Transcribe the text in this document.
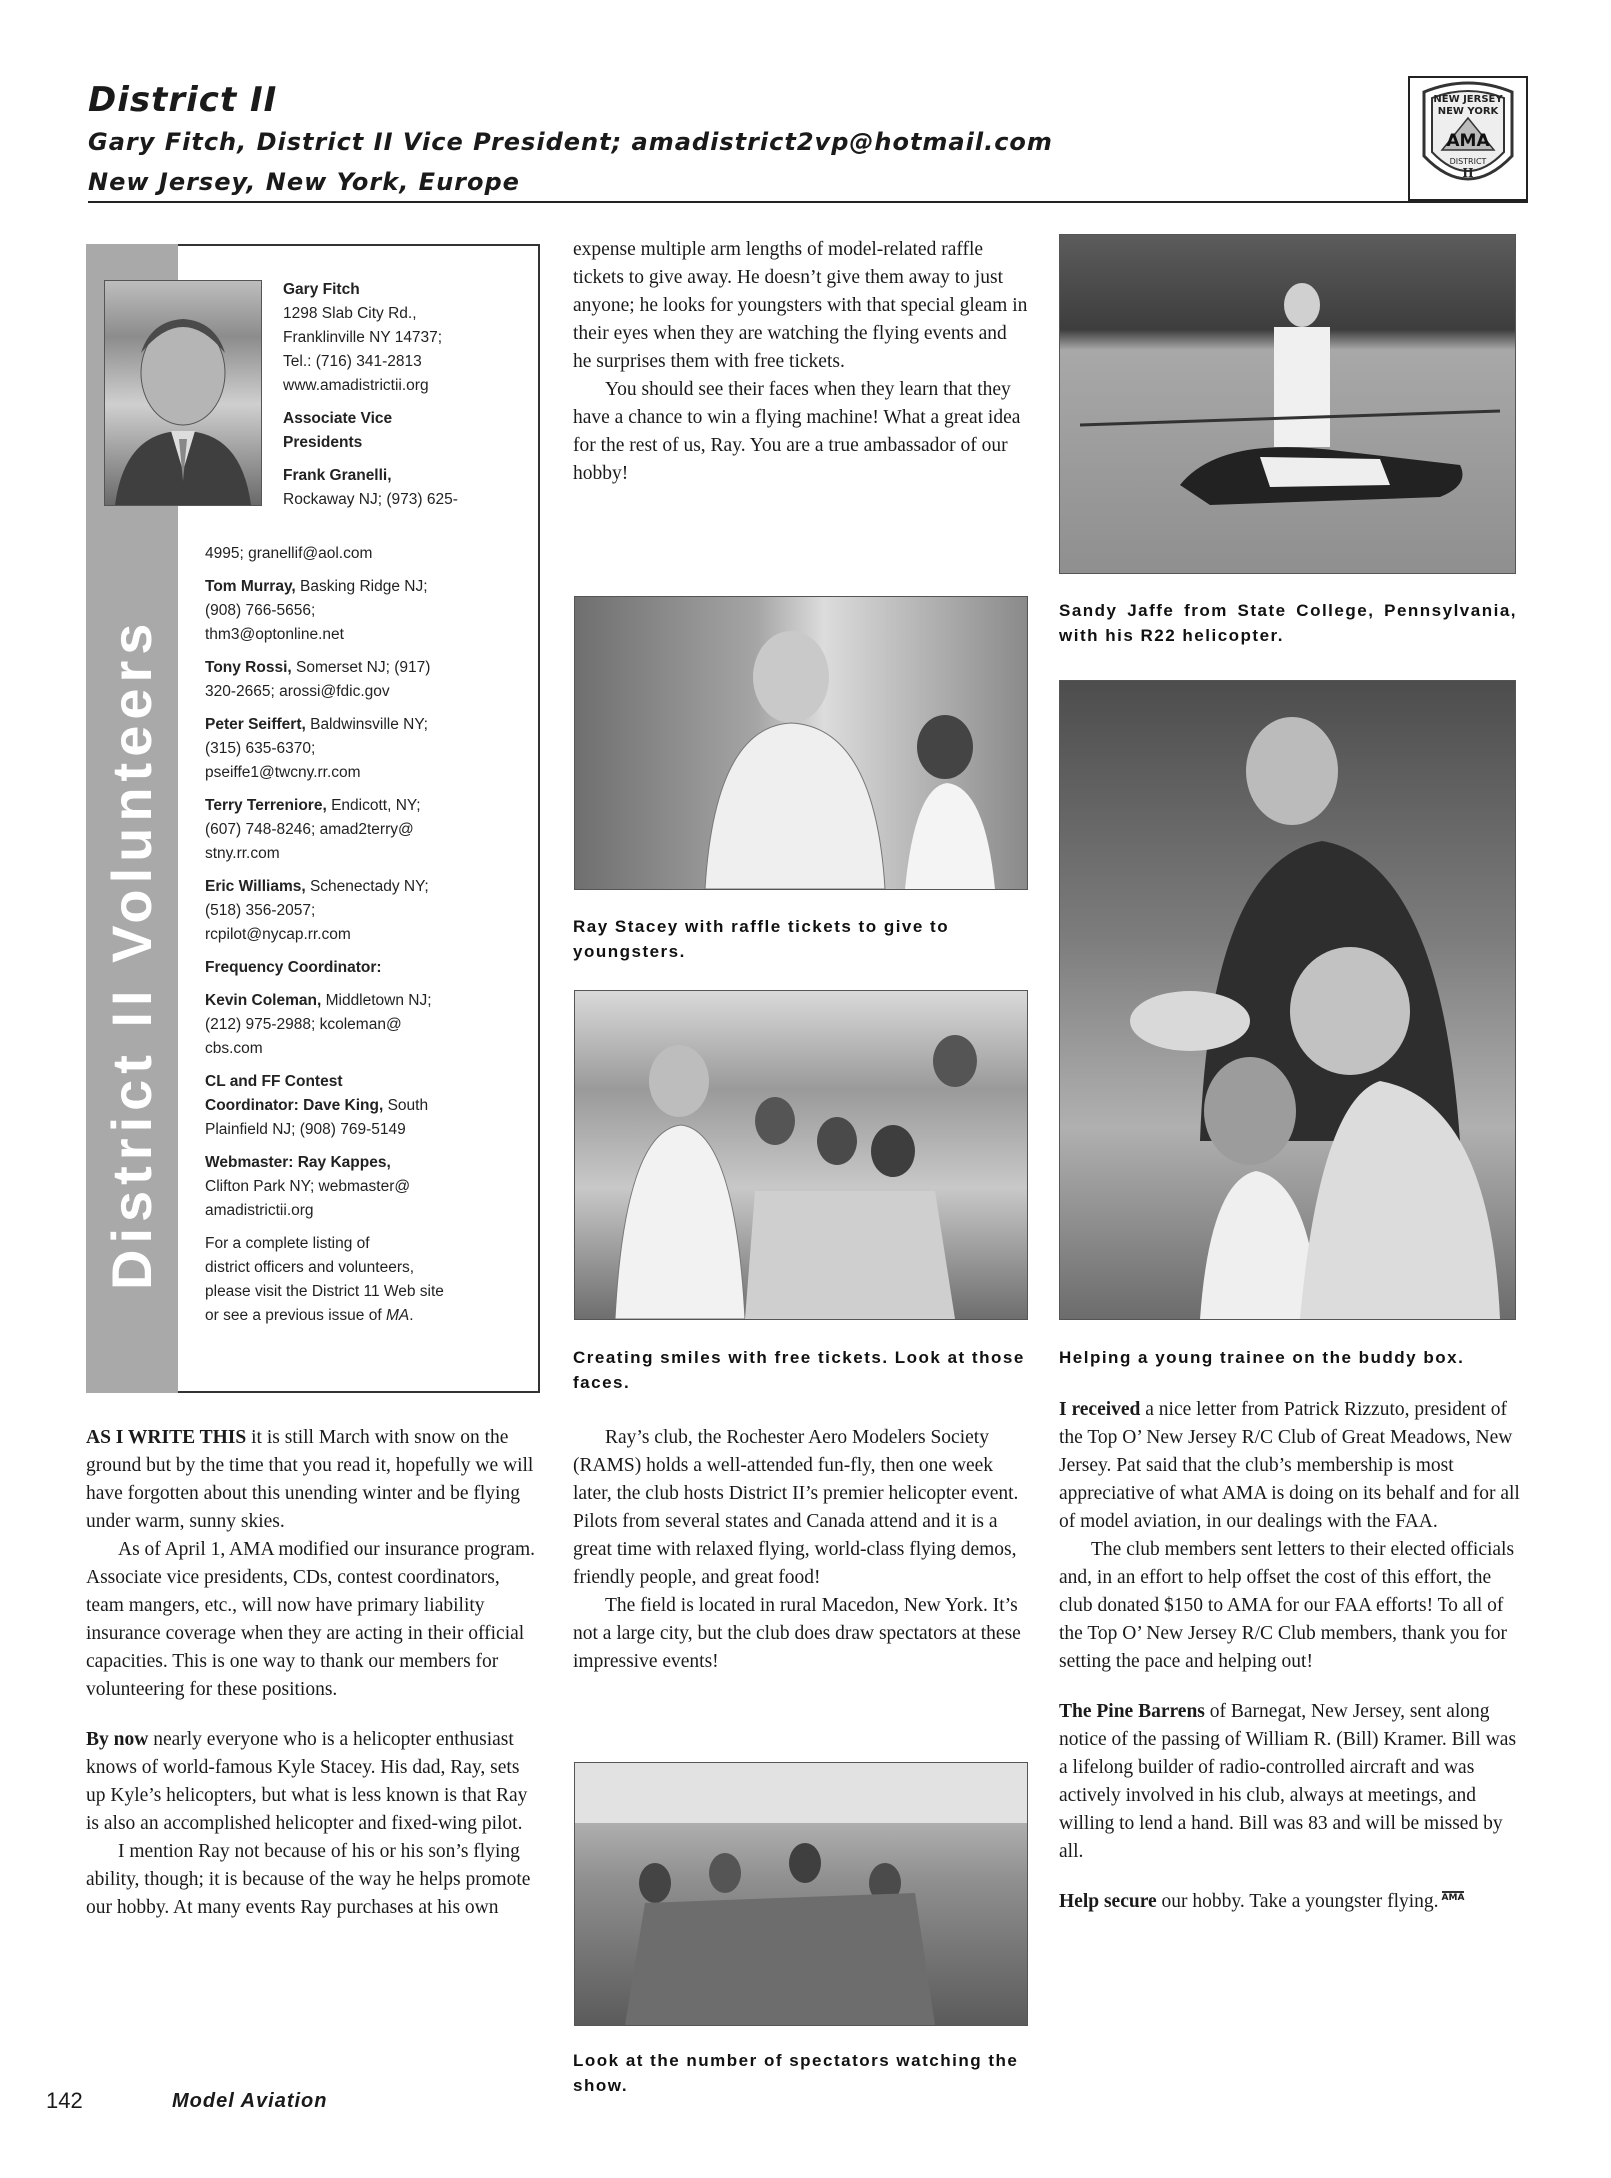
District II
Gary Fitch, District II Vice President; amadistrict2vp@hotmail.com
New Jersey, New York, Europe
NEW JERSEY
NEW YORK
AMA
DISTRICT
II
District II Volunteers
Gary Fitch
1298 Slab City Rd.,
Franklinville NY 14737;
Tel.: (716) 341-2813
www.amadistrictii.org
Associate Vice
Presidents
Frank Granelli,
Rockaway NJ; (973) 625-
4995; granellif@aol.com
Tom Murray, Basking Ridge NJ;
(908) 766-5656;
thm3@optonline.net
Tony Rossi, Somerset NJ; (917)
320-2665; arossi@fdic.gov
Peter Seiffert, Baldwinsville NY;
(315) 635-6370;
pseiffe1@twcny.rr.com
Terry Terreniore, Endicott, NY;
(607) 748-8246; amad2terry@
stny.rr.com
Eric Williams, Schenectady NY;
(518) 356-2057;
rcpilot@nycap.rr.com
Frequency Coordinator:
Kevin Coleman, Middletown NJ;
(212) 975-2988; kcoleman@
cbs.com
CL and FF Contest
Coordinator: Dave King, South
Plainfield NJ; (908) 769-5149
Webmaster: Ray Kappes,
Clifton Park NY; webmaster@
amadistrictii.org
For a complete listing of
district officers and volunteers,
please visit the District 11 Web site
or see a previous issue of MA.

AS I WRITE THIS it is still March with snow on the ground but by the time that you read it, hopefully we will have forgotten about this unending winter and be flying under warm, sunny skies.

As of April 1, AMA modified our insurance program. Associate vice presidents, CDs, contest coordinators, team mangers, etc., will now have primary liability insurance coverage when they are acting in their official capacities. This is one way to thank our members for volunteering for these positions.

By now nearly everyone who is a helicopter enthusiast knows of world-famous Kyle Stacey. His dad, Ray, sets up Kyle’s helicopters, but what is less known is that Ray is also an accomplished helicopter and fixed-wing pilot.

I mention Ray not because of his or his son’s flying ability, though; it is because of the way he helps promote our hobby. At many events Ray purchases at his own

expense multiple arm lengths of model-related raffle tickets to give away. He doesn’t give them away to just anyone; he looks for youngsters with that special gleam in their eyes when they are watching the flying events and he surprises them with free tickets.

You should see their faces when they learn that they have a chance to win a flying machine! What a great idea for the rest of us, Ray. You are a true ambassador of our hobby!

Ray Stacey with raffle tickets to give to youngsters.
Creating smiles with free tickets. Look at those faces.

Ray’s club, the Rochester Aero Modelers Society (RAMS) holds a well-attended fun-fly, then one week later, the club hosts District II’s premier helicopter event. Pilots from several states and Canada attend and it is a great time with relaxed flying, world-class flying demos, friendly people, and great food!

The field is located in rural Macedon, New York. It’s not a large city, but the club does draw spectators at these impressive events!

Look at the number of spectators watching the show.
Sandy Jaffe from State College, Pennsylvania, with his R22 helicopter.
Helping a young trainee on the buddy box.

I received a nice letter from Patrick Rizzuto, president of the Top O’ New Jersey R/C Club of Great Meadows, New Jersey. Pat said that the club’s membership is most appreciative of what AMA is doing on its behalf and for all of model aviation, in our dealings with the FAA.

The club members sent letters to their elected officials and, in an effort to help offset the cost of this effort, the club donated $150 to AMA for our FAA efforts! To all of the Top O’ New Jersey R/C Club members, thank you for setting the pace and helping out!

The Pine Barrens of Barnegat, New Jersey, sent along notice of the passing of William R. (Bill) Kramer. Bill was a lifelong builder of radio-controlled aircraft and was actively involved in his club, always at meetings, and willing to lend a hand. Bill was 83 and will be missed by all.

Help secure our hobby. Take a youngster flying. $^{AMA}$

142	Model Aviation
